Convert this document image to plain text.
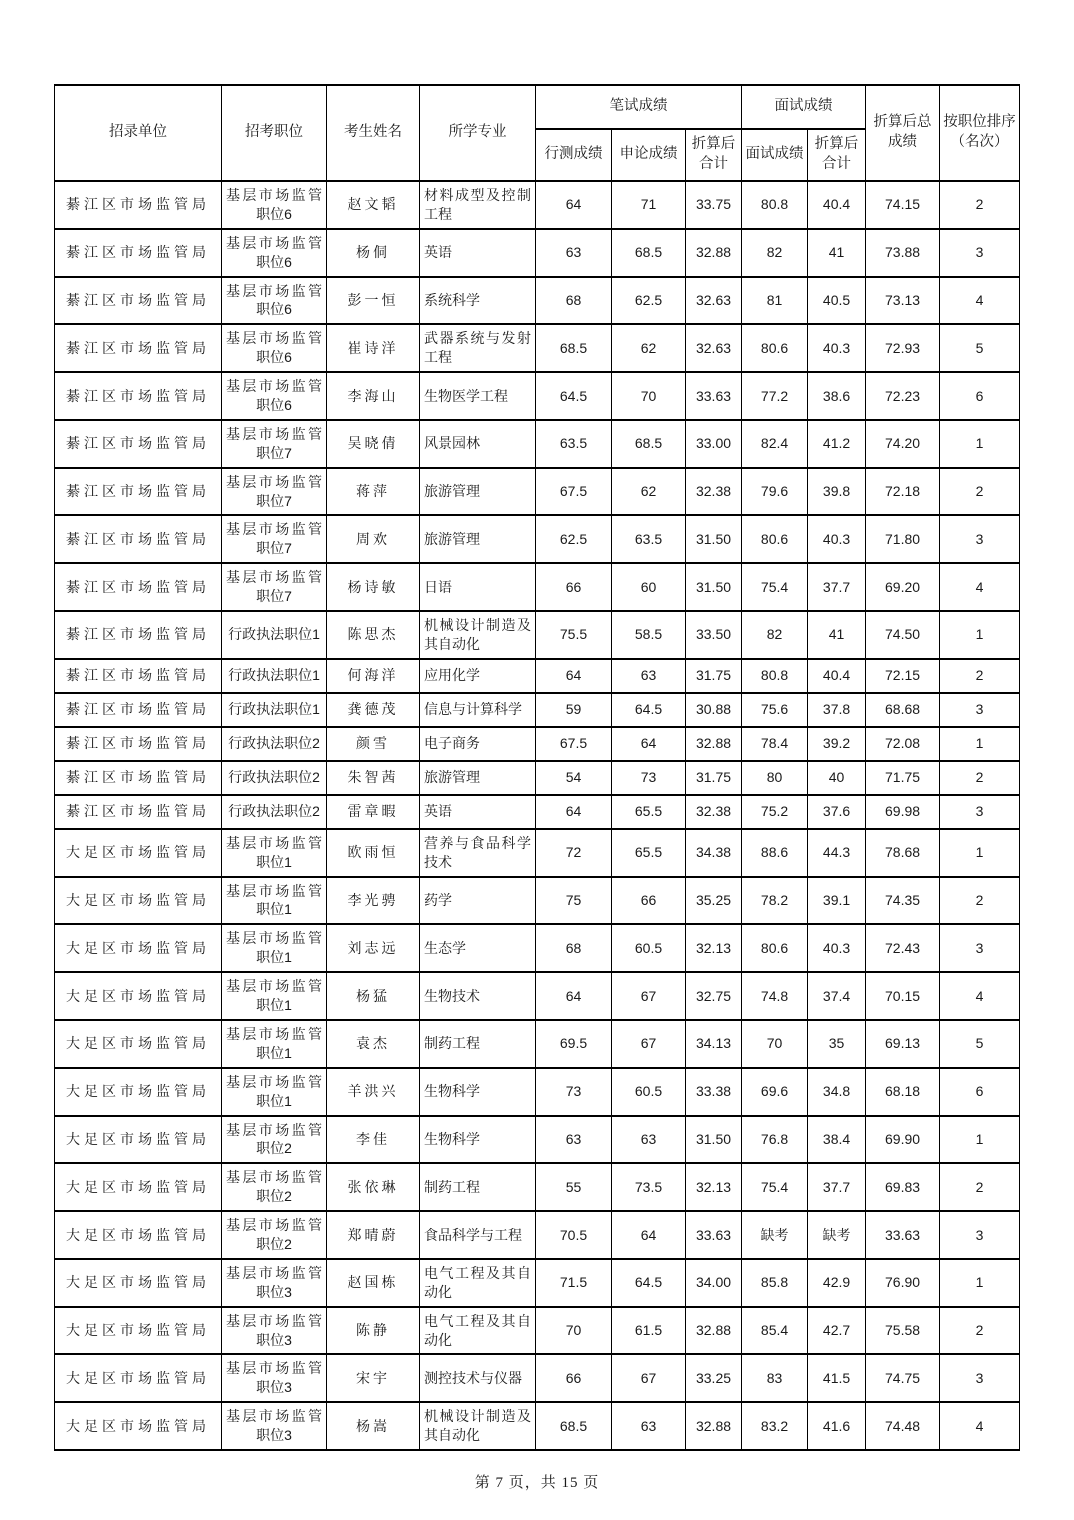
招录单位	招考职位	考生姓名	所学专业	笔试成绩			面试成绩		折算后总成绩	按职位排序（名次）
				行测成绩	申论成绩	折算后合计	面试成绩	折算后合计		
綦江区市场监管局	基层市场监管职位6	赵文韬	材料成型及控制工程	64	71	33.75	80.8	40.4	74.15	2
綦江区市场监管局	基层市场监管职位6	杨侗	英语	63	68.5	32.88	82	41	73.88	3
綦江区市场监管局	基层市场监管职位6	彭一恒	系统科学	68	62.5	32.63	81	40.5	73.13	4
綦江区市场监管局	基层市场监管职位6	崔诗洋	武器系统与发射工程	68.5	62	32.63	80.6	40.3	72.93	5
綦江区市场监管局	基层市场监管职位6	李海山	生物医学工程	64.5	70	33.63	77.2	38.6	72.23	6
綦江区市场监管局	基层市场监管职位7	吴晓倩	风景园林	63.5	68.5	33.00	82.4	41.2	74.20	1
綦江区市场监管局	基层市场监管职位7	蒋萍	旅游管理	67.5	62	32.38	79.6	39.8	72.18	2
綦江区市场监管局	基层市场监管职位7	周欢	旅游管理	62.5	63.5	31.50	80.6	40.3	71.80	3
綦江区市场监管局	基层市场监管职位7	杨诗敏	日语	66	60	31.50	75.4	37.7	69.20	4
綦江区市场监管局	行政执法职位1	陈思杰	机械设计制造及其自动化	75.5	58.5	33.50	82	41	74.50	1
綦江区市场监管局	行政执法职位1	何海洋	应用化学	64	63	31.75	80.8	40.4	72.15	2
綦江区市场监管局	行政执法职位1	龚德茂	信息与计算科学	59	64.5	30.88	75.6	37.8	68.68	3
綦江区市场监管局	行政执法职位2	颜雪	电子商务	67.5	64	32.88	78.4	39.2	72.08	1
綦江区市场监管局	行政执法职位2	朱智茜	旅游管理	54	73	31.75	80	40	71.75	2
綦江区市场监管局	行政执法职位2	雷章暇	英语	64	65.5	32.38	75.2	37.6	69.98	3
大足区市场监管局	基层市场监管职位1	欧雨恒	营养与食品科学技术	72	65.5	34.38	88.6	44.3	78.68	1
大足区市场监管局	基层市场监管职位1	李光骋	药学	75	66	35.25	78.2	39.1	74.35	2
大足区市场监管局	基层市场监管职位1	刘志远	生态学	68	60.5	32.13	80.6	40.3	72.43	3
大足区市场监管局	基层市场监管职位1	杨猛	生物技术	64	67	32.75	74.8	37.4	70.15	4
大足区市场监管局	基层市场监管职位1	袁杰	制药工程	69.5	67	34.13	70	35	69.13	5
大足区市场监管局	基层市场监管职位1	羊洪兴	生物科学	73	60.5	33.38	69.6	34.8	68.18	6
大足区市场监管局	基层市场监管职位2	李佳	生物科学	63	63	31.50	76.8	38.4	69.90	1
大足区市场监管局	基层市场监管职位2	张依琳	制药工程	55	73.5	32.13	75.4	37.7	69.83	2
大足区市场监管局	基层市场监管职位2	郑晴蔚	食品科学与工程	70.5	64	33.63	缺考	缺考	33.63	3
大足区市场监管局	基层市场监管职位3	赵国栋	电气工程及其自动化	71.5	64.5	34.00	85.8	42.9	76.90	1
大足区市场监管局	基层市场监管职位3	陈静	电气工程及其自动化	70	61.5	32.88	85.4	42.7	75.58	2
大足区市场监管局	基层市场监管职位3	宋宇	测控技术与仪器	66	67	33.25	83	41.5	74.75	3
大足区市场监管局	基层市场监管职位3	杨嵩	机械设计制造及其自动化	68.5	63	32.88	83.2	41.6	74.48	4
第 7 页，共 15 页
